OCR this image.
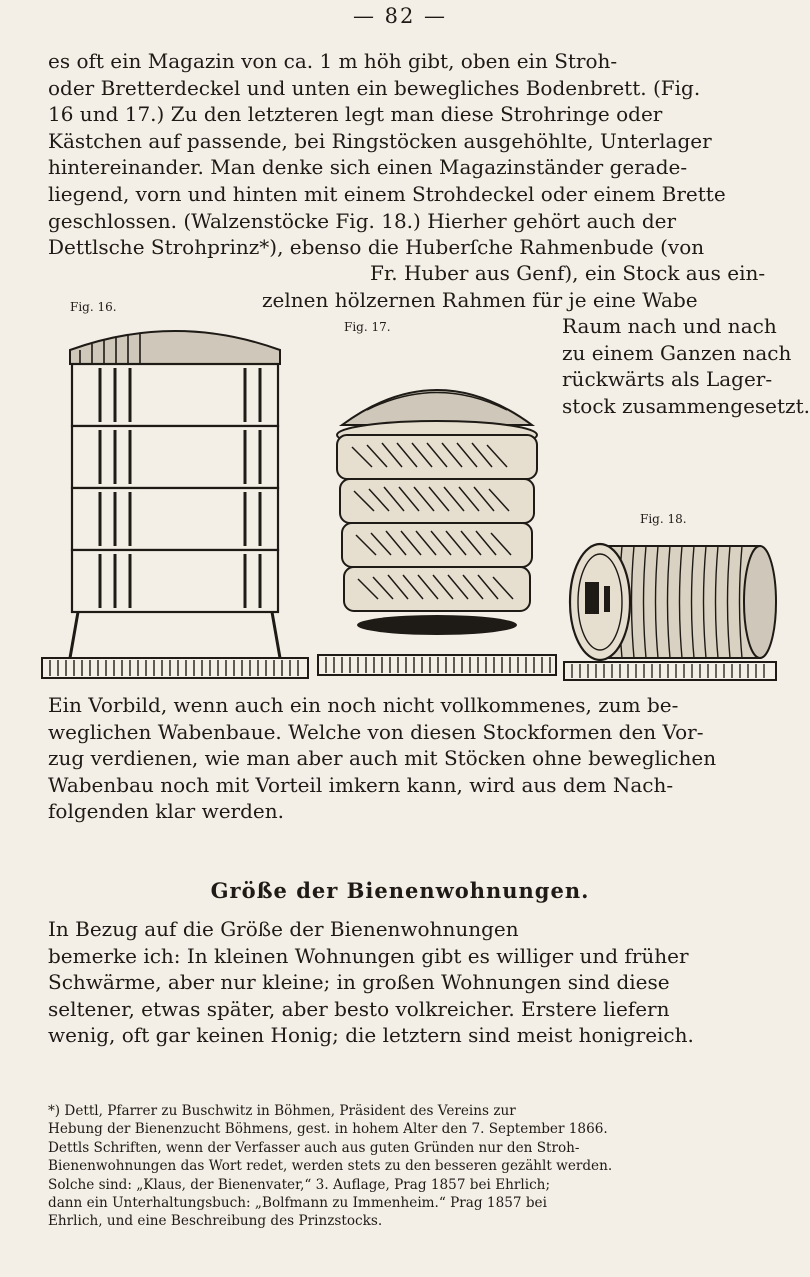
— 82 —
es oft ein Magazin von ca. 1 m höh gibt, oben ein Stroh-
oder Bretterdeckel und unten ein bewegliches Bodenbrett. (Fig.
16 und 17.) Zu den letzteren legt man diese Strohringe oder
Kästchen auf passende, bei Ringstöcken ausgehöhlte, Unterlager
hintereinander. Man denke sich einen Magazinständer gerade-
liegend, vorn und hinten mit einem Strohdeckel oder einem Brette
geschlossen. (Walzenstöcke Fig. 18.) Hierher gehört auch der
Dettlsche Strohprinz*), ebenso die Huberſche Rahmenbude (von
Fr. Huber aus Genf), ein Stock aus ein-
zelnen hölzernen Rahmen für je eine Wabe
Raum nach und nach
zu einem Ganzen nach
rückwärts als Lager-
stock zusammengesetzt.
Fig. 16.
Fig. 17.
Fig. 18.
Ein Vorbild, wenn auch ein noch nicht vollkommenes, zum be-
weglichen Wabenbaue. Welche von diesen Stockformen den Vor-
zug verdienen, wie man aber auch mit Stöcken ohne beweglichen
Wabenbau noch mit Vorteil imkern kann, wird aus dem Nach-
folgenden klar werden.
Größe der Bienenwohnungen.
In Bezug auf die Größe der Bienenwohnungen
bemerke ich: In kleinen Wohnungen gibt es williger und früher
Schwärme, aber nur kleine; in großen Wohnungen sind diese
seltener, etwas später, aber besto volkreicher. Erstere liefern
wenig, oft gar keinen Honig; die letztern sind meist honigreich.
*) Dettl, Pfarrer zu Buschwitz in Böhmen, Präsident des Vereins zur
Hebung der Bienenzucht Böhmens, gest. in hohem Alter den 7. September 1866.
Dettls Schriften, wenn der Verfasser auch aus guten Gründen nur den Stroh-
Bienenwohnungen das Wort redet, werden stets zu den besseren gezählt werden.
Solche sind: „Klaus, der Bienenvater,“ 3. Auflage, Prag 1857 bei Ehrlich;
dann ein Unterhaltungsbuch: „Bolfmann zu Immenheim.“ Prag 1857 bei
Ehrlich, und eine Beschreibung des Prinzstocks.
